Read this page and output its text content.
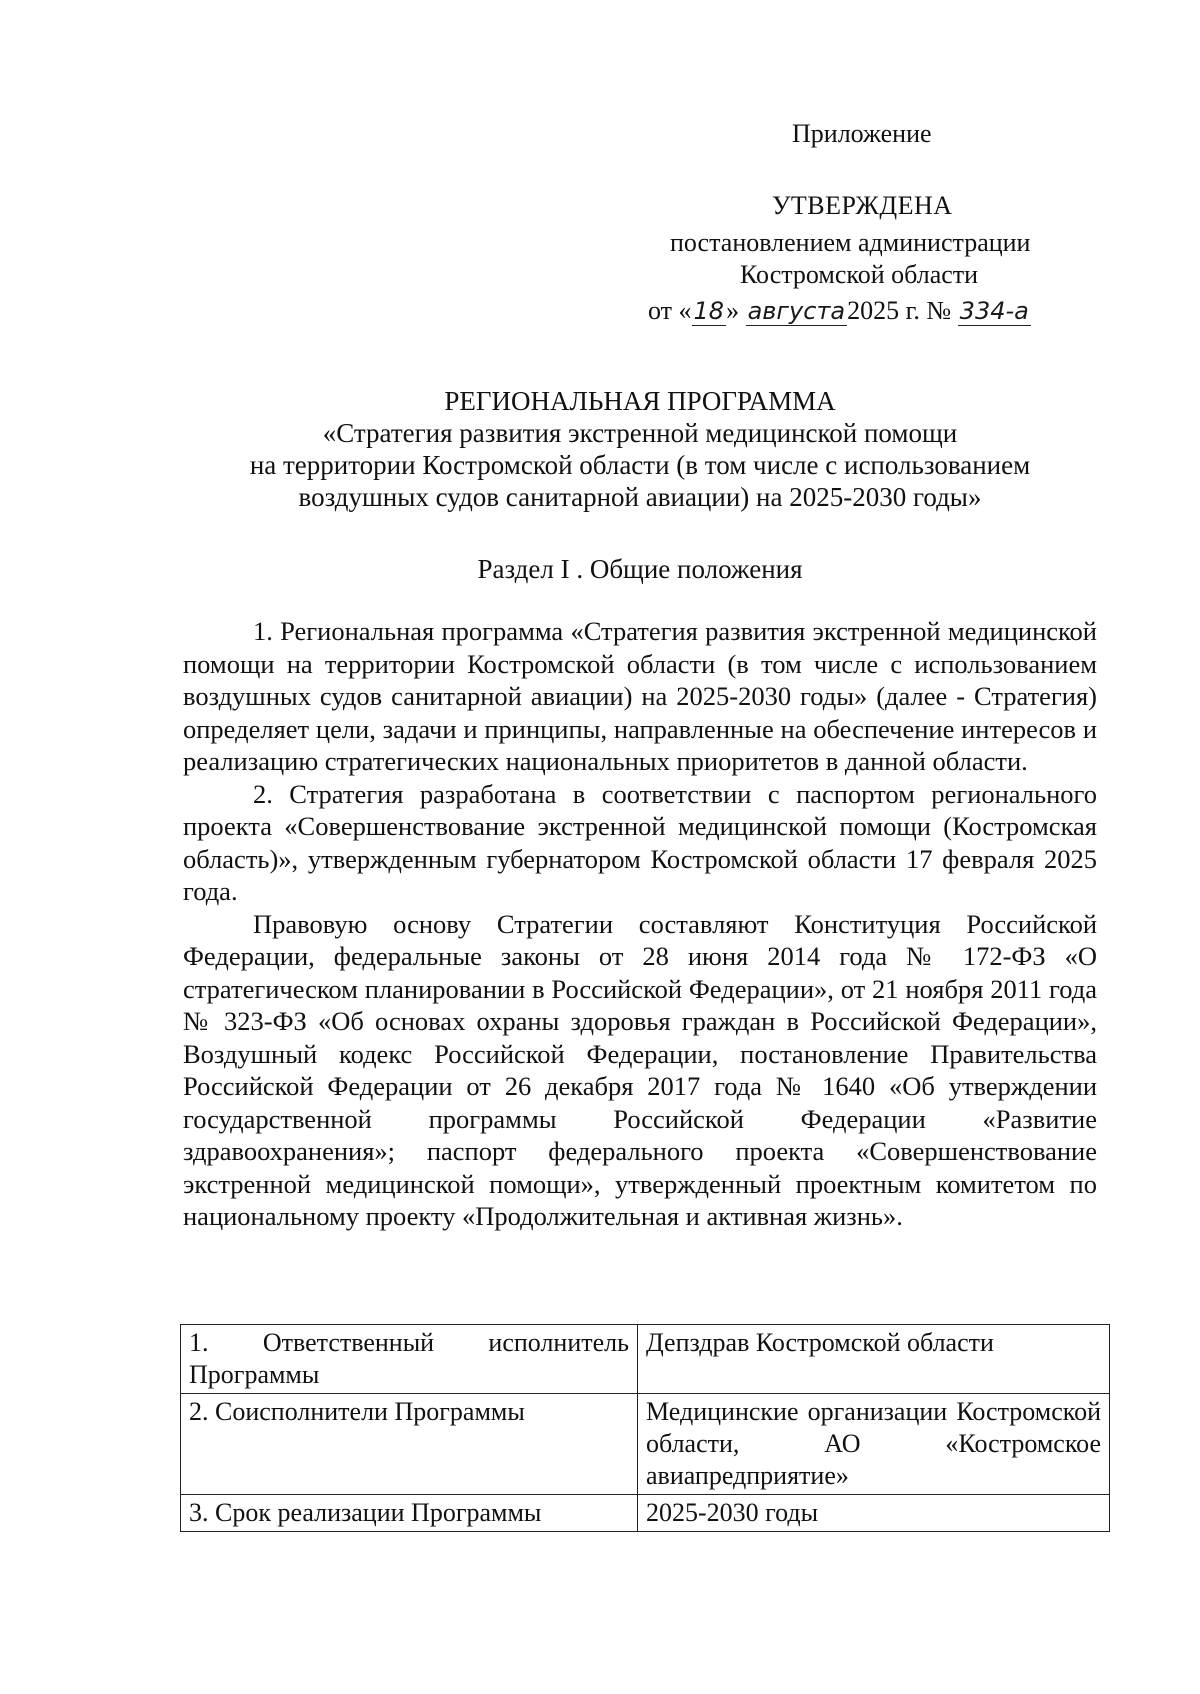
Приложение
УТВЕРЖДЕНА
постановлением администрации
Костромской области
от «18» августа2025 г. № 334-а
РЕГИОНАЛЬНАЯ ПРОГРАММА
«Стратегия развития экстренной медицинской помощи
на территории Костромской области (в том числе с использованием
воздушных судов санитарной авиации) на 2025-2030 годы»
Раздел I . Общие положения

1. Региональная программа «Стратегия развития экстренной медицинской помощи на территории Костромской области (в том числе с использованием воздушных судов санитарной авиации) на 2025-2030 годы» (далее - Стратегия) определяет цели, задачи и принципы, направленные на обеспечение интересов и реализацию стратегических национальных приоритетов в данной области.

2. Стратегия разработана в соответствии с паспортом регионального проекта «Совершенствование экстренной медицинской помощи (Костромская область)», утвержденным губернатором Костромской области 17 февраля 2025 года.

Правовую основу Стратегии составляют Конституция Российской Федерации, федеральные законы от 28 июня 2014 года № 172-ФЗ «О стратегическом планировании в Российской Федерации», от 21 ноября 2011 года № 323-ФЗ «Об основах охраны здоровья граждан в Российской Федерации», Воздушный кодекс Российской Федерации, постановление Правительства Российской Федерации от 26 декабря 2017 года № 1640 «Об утверждении государственной программы Российской Федерации «Развитие здравоохранения»; паспорт федерального проекта «Совершенствование экстренной медицинской помощи», утвержденный проектным комитетом по национальному проекту «Продолжительная и активная жизнь».

1. Ответственный исполнитель Программы	Депздрав Костромской области
2. Соисполнители Программы	Медицинские организации Костромской области, АО «Костромское авиапредприятие»
3. Срок реализации Программы	2025-2030 годы
